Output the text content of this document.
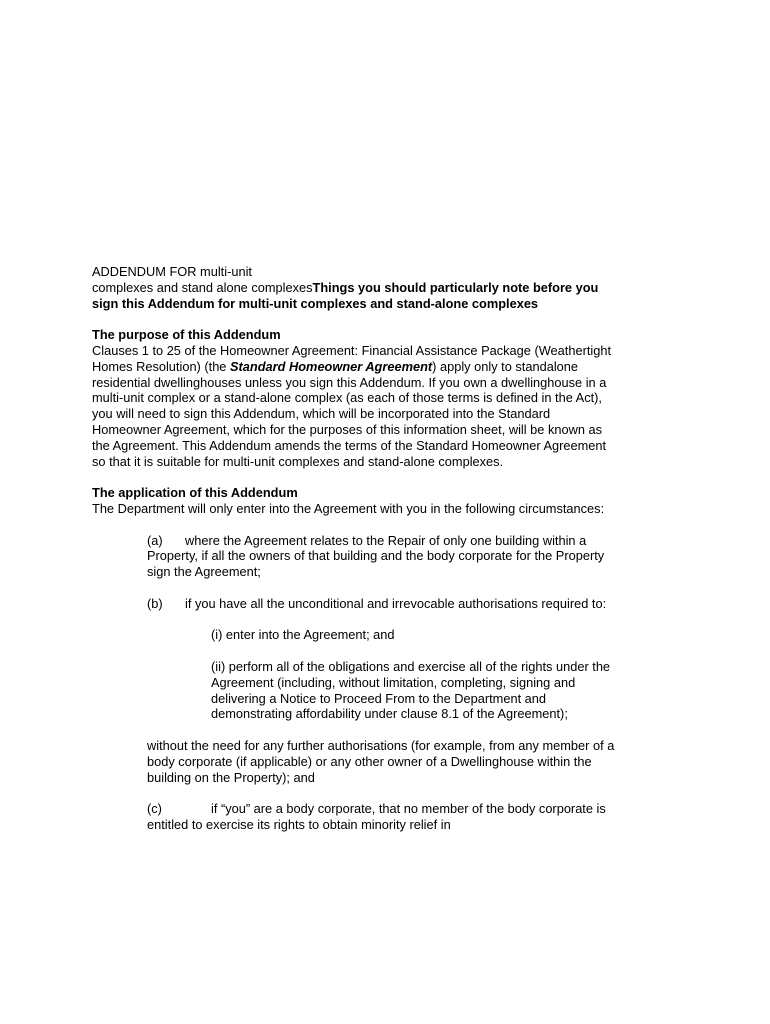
ADDENDUM FOR multi-unit

complexes and stand alone complexesThings you should particularly note before you sign this Addendum for multi-unit complexes and stand-alone complexes

The purpose of this Addendum

Clauses 1 to 25 of the Homeowner Agreement: Financial Assistance Package (Weathertight Homes Resolution) (the Standard Homeowner Agreement) apply only to standalone residential dwellinghouses unless you sign this Addendum. If you own a dwellinghouse in a multi-unit complex or a stand-alone complex (as each of those terms is defined in the Act), you will need to sign this Addendum, which will be incorporated into the Standard Homeowner Agreement, which for the purposes of this information sheet, will be known as the Agreement. This Addendum amends the terms of the Standard Homeowner Agreement so that it is suitable for multi-unit complexes and stand-alone complexes.

The application of this Addendum

The Department will only enter into the Agreement with you in the following circumstances:

(a) where the Agreement relates to the Repair of only one building within a Property, if all the owners of that building and the body corporate for the Property sign the Agreement;

(b) if you have all the unconditional and irrevocable authorisations required to:

(i) enter into the Agreement; and

(ii) perform all of the obligations and exercise all of the rights under the Agreement (including, without limitation, completing, signing and delivering a Notice to Proceed From to the Department and demonstrating affordability under clause 8.1 of the Agreement);

without the need for any further authorisations (for example, from any member of a body corporate (if applicable) or any other owner of a Dwellinghouse within the building on the Property); and

(c)	if “you” are a body corporate, that no member of the body corporate is entitled to exercise its rights to obtain minority relief in
